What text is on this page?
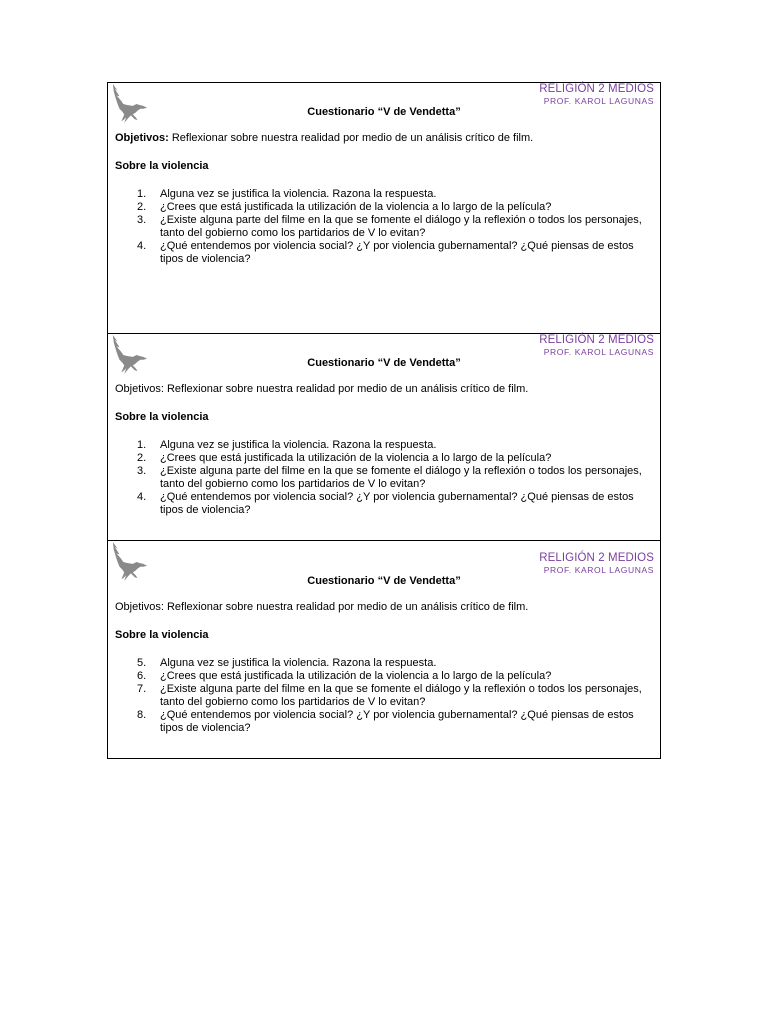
RELIGIÓN 2 MEDIOS
PROF. KAROL LAGUNAS
Cuestionario “V de Vendetta”
Objetivos: Reflexionar sobre nuestra realidad por medio de un análisis crítico de film.
Sobre la violencia
1. Alguna vez se justifica la violencia. Razona la respuesta.
2. ¿Crees que está justificada la utilización de la violencia a lo largo de la película?
3. ¿Existe alguna parte del filme en la que se fomente el diálogo y la reflexión o todos los personajes, tanto del gobierno como los partidarios de V lo evitan?
4. ¿Qué entendemos por violencia social? ¿Y por violencia gubernamental? ¿Qué piensas de estos tipos de violencia?
RELIGIÓN 2 MEDIOS
PROF. KAROL LAGUNAS
Cuestionario “V de Vendetta”
Objetivos: Reflexionar sobre nuestra realidad por medio de un análisis crítico de film.
Sobre la violencia
1. Alguna vez se justifica la violencia. Razona la respuesta.
2. ¿Crees que está justificada la utilización de la violencia a lo largo de la película?
3. ¿Existe alguna parte del filme en la que se fomente el diálogo y la reflexión o todos los personajes, tanto del gobierno como los partidarios de V lo evitan?
4. ¿Qué entendemos por violencia social? ¿Y por violencia gubernamental? ¿Qué piensas de estos tipos de violencia?
RELIGIÓN 2 MEDIOS
PROF. KAROL LAGUNAS
Cuestionario “V de Vendetta”
Objetivos: Reflexionar sobre nuestra realidad por medio de un análisis crítico de film.
Sobre la violencia
5. Alguna vez se justifica la violencia. Razona la respuesta.
6. ¿Crees que está justificada la utilización de la violencia a lo largo de la película?
7. ¿Existe alguna parte del filme en la que se fomente el diálogo y la reflexión o todos los personajes, tanto del gobierno como los partidarios de V lo evitan?
8. ¿Qué entendemos por violencia social? ¿Y por violencia gubernamental? ¿Qué piensas de estos tipos de violencia?
